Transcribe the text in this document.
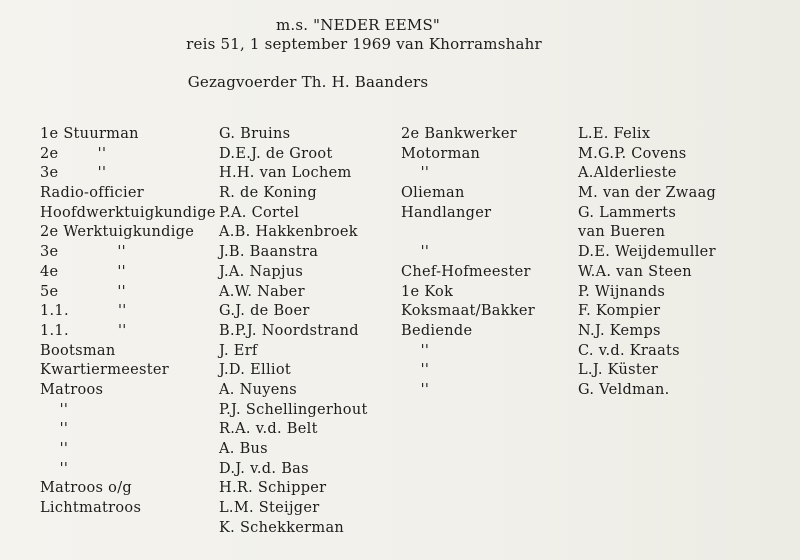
m.s. "NEDER EEMS"
reis 51, 1 september 1969 van Khorramshahr
Gezagvoerder Th. H. Baanders
1e Stuurman
2e        ''
3e        ''
Radio-officier
Hoofdwerktuigkundige
2e Werktuigkundige
3e            ''
4e            ''
5e            ''
1.1.          ''
1.1.          ''
Bootsman
Kwartiermeester
Matroos
''
''
''
''
Matroos o/g
Lichtmatroos
G. Bruins
D.E.J. de Groot
H.H. van Lochem
R. de Koning
P.A. Cortel
A.B. Hakkenbroek
J.B. Baanstra
J.A. Napjus
A.W. Naber
G.J. de Boer
B.P.J. Noordstrand
J. Erf
J.D. Elliot
A. Nuyens
P.J. Schellingerhout
R.A. v.d. Belt
A. Bus
D.J. v.d. Bas
H.R. Schipper
L.M. Steijger
K. Schekkerman
2e Bankwerker
Motorman
''
Olieman
Handlanger
''
Chef-Hofmeester
1e Kok
Koksmaat/Bakker
Bediende
''
''
''
L.E. Felix
M.G.P. Covens
A.Alderlieste
M. van der Zwaag
G. Lammerts
van Bueren
D.E. Weijdemuller
W.A. van Steen
P. Wijnands
F. Kompier
N.J. Kemps
C. v.d. Kraats
L.J. Küster
G. Veldman.
